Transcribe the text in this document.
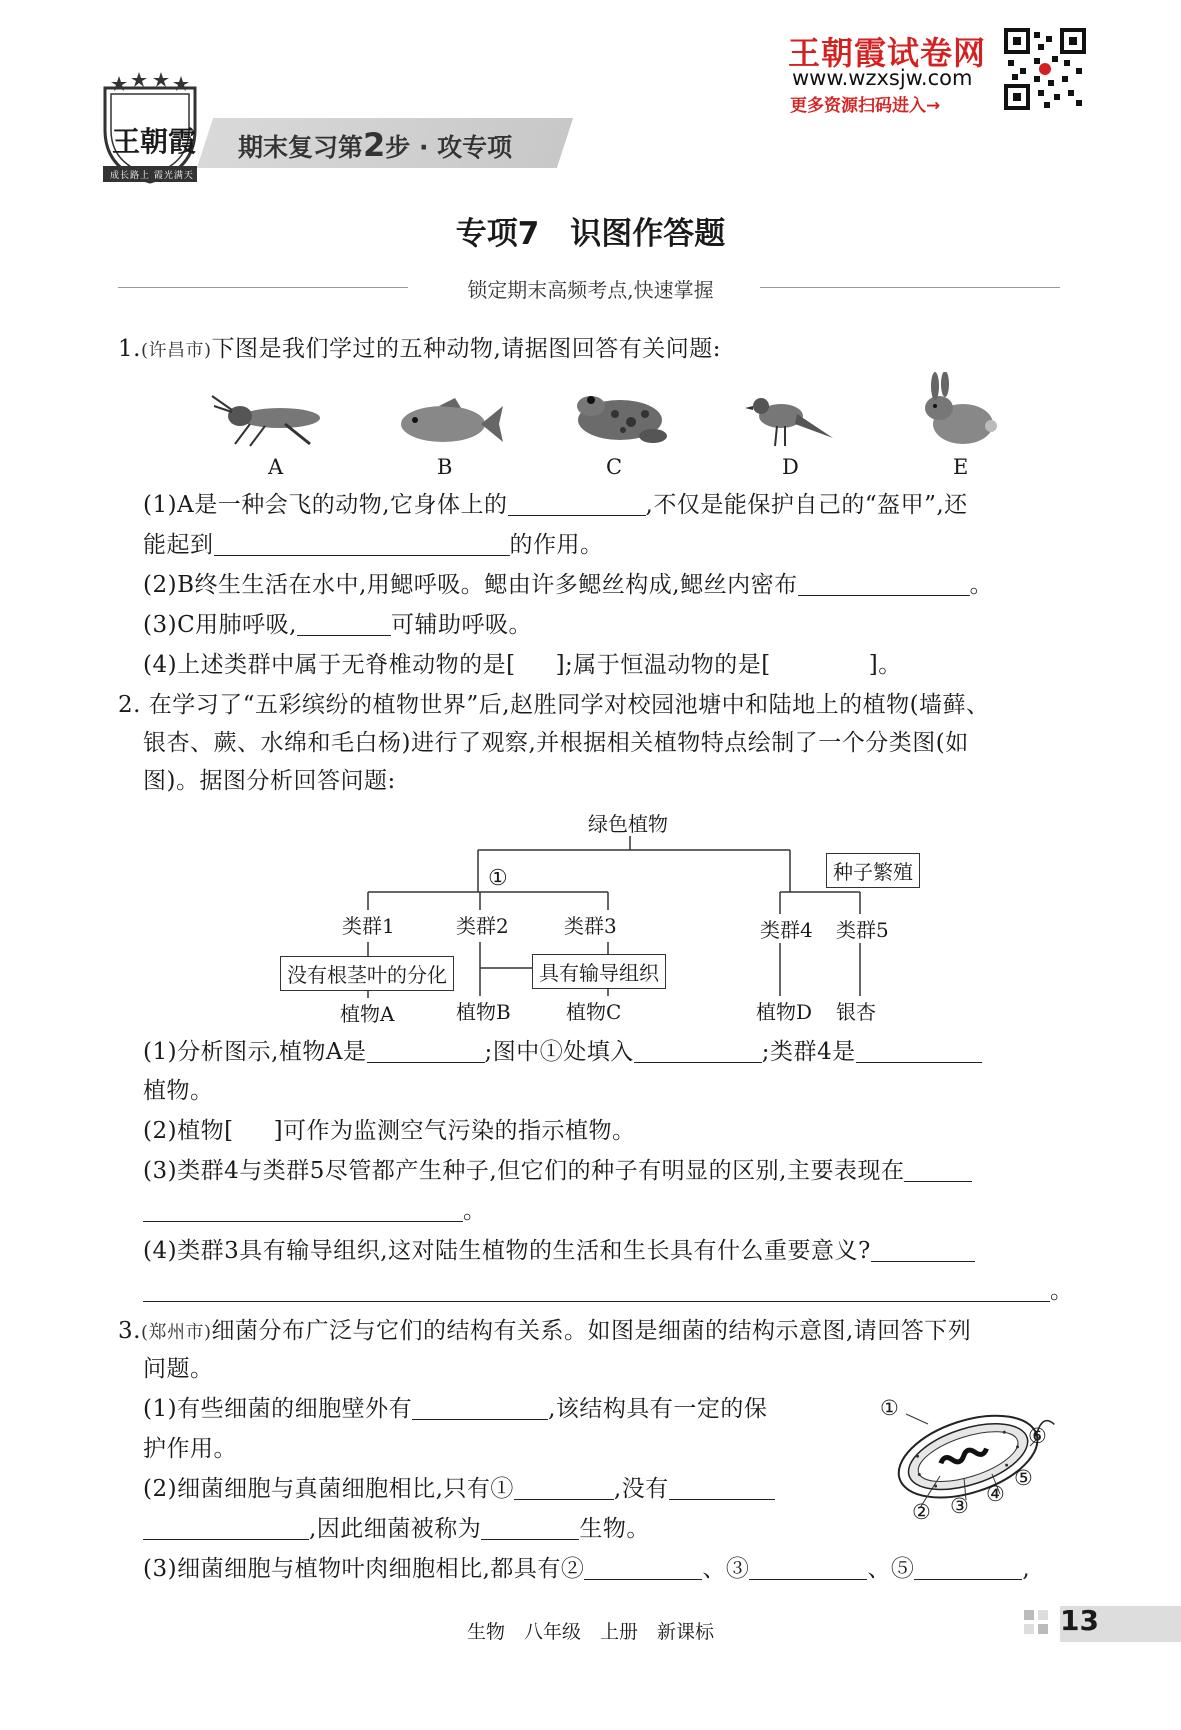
王朝霞
成长路上 霞光满天
期末复习第2步 · 攻专项
王朝霞试卷网
www.wzxsjw.com
更多资源扫码进入→
专项7　识图作答题
锁定期末高频考点,快速掌握
1.(许昌市)下图是我们学过的五种动物,请据图回答有关问题:
A	B	C	D	E
(1)A是一种会飞的动物,它身体上的	,不仅是能保护自己的“盔甲”,还
能起到	的作用。
(2)B终生生活在水中,用鳃呼吸。鳃由许多鳃丝构成,鳃丝内密布	。
(3)C用肺呼吸,	可辅助呼吸。
(4)上述类群中属于无脊椎动物的是[ ];属于恒温动物的是[	]。
2. 在学习了“五彩缤纷的植物世界”后,赵胜同学对校园池塘中和陆地上的植物(墙藓、
银杏、蕨、水绵和毛白杨)进行了观察,并根据相关植物特点绘制了一个分类图(如
图)。据图分析回答问题:
绿色植物
①	种子繁殖
类群1	类群2	类群3	类群4 类群5
没有根茎叶的分化	具有输导组织
植物A	植物B	植物C	植物D 银杏
(1)分析图示,植物A是	;图中①处填入	;类群4是
植物。
(2)植物[ ]可作为监测空气污染的指示植物。
(3)类群4与类群5尽管都产生种子,但它们的种子有明显的区别,主要表现在
。
(4)类群3具有输导组织,这对陆生植物的生活和生长具有什么重要意义?
。
3.(郑州市)细菌分布广泛与它们的结构有关系。如图是细菌的结构示意图,请回答下列
问题。
(1)有些细菌的细胞壁外有	,该结构具有一定的保
护作用。
(2)细菌细胞与真菌细胞相比,只有①	,没有
,因此细菌被称为	生物。
(3)细菌细胞与植物叶肉细胞相比,都具有②	、③	、⑤	,
①
② ③ ④
⑤
⑥
生物　八年级　上册　新课标	13
